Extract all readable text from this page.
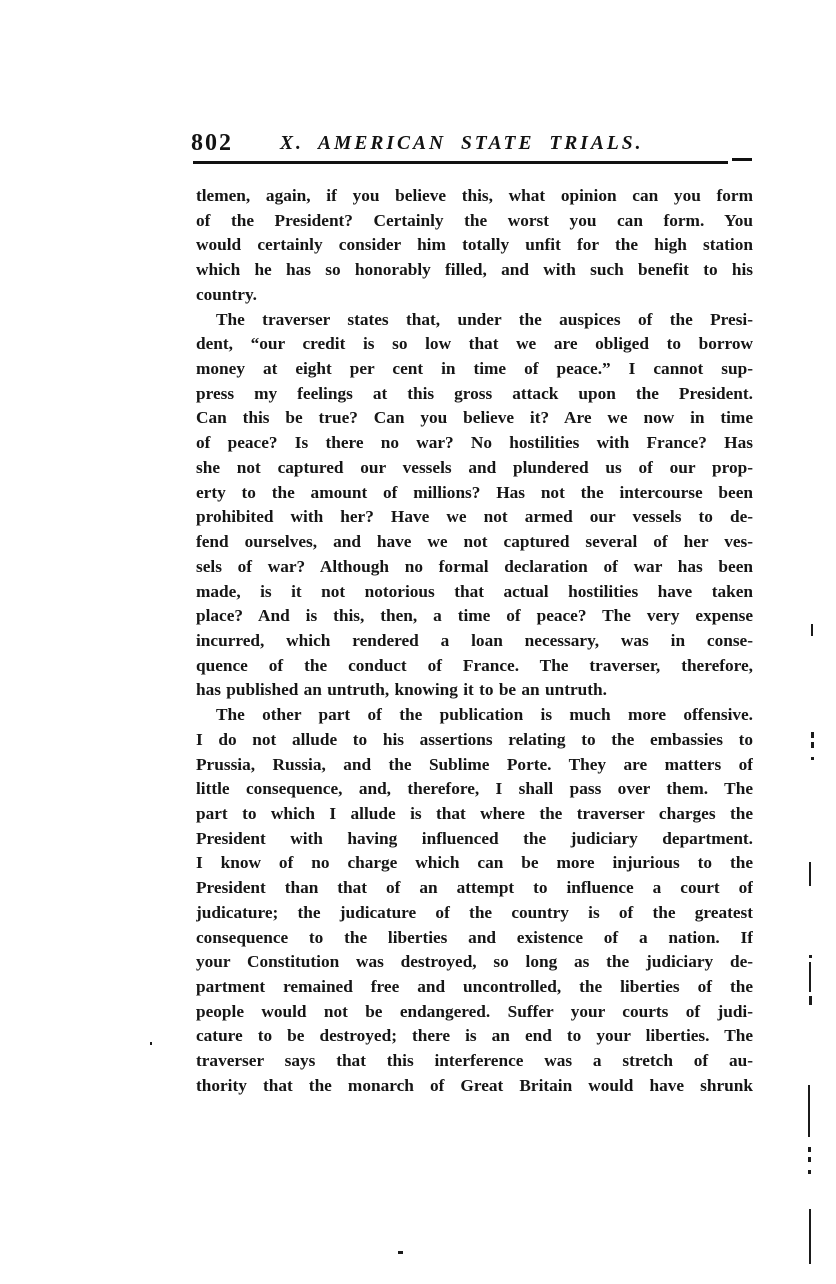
802 X. AMERICAN STATE TRIALS.
tlemen, again, if you believe this, what opinion can you form
of the President? Certainly the worst you can form. You
would certainly consider him totally unfit for the high station
which he has so honorably filled, and with such benefit to his
country.
The traverser states that, under the auspices of the Presi-
dent, “our credit is so low that we are obliged to borrow
money at eight per cent in time of peace.” I cannot sup-
press my feelings at this gross attack upon the President.
Can this be true? Can you believe it? Are we now in time
of peace? Is there no war? No hostilities with France? Has
she not captured our vessels and plundered us of our prop-
erty to the amount of millions? Has not the intercourse been
prohibited with her? Have we not armed our vessels to de-
fend ourselves, and have we not captured several of her ves-
sels of war? Although no formal declaration of war has been
made, is it not notorious that actual hostilities have taken
place? And is this, then, a time of peace? The very expense
incurred, which rendered a loan necessary, was in conse-
quence of the conduct of France. The traverser, therefore,
has published an untruth, knowing it to be an untruth.
The other part of the publication is much more offensive.
I do not allude to his assertions relating to the embassies to
Prussia, Russia, and the Sublime Porte. They are matters of
little consequence, and, therefore, I shall pass over them. The
part to which I allude is that where the traverser charges the
President with having influenced the judiciary department.
I know of no charge which can be more injurious to the
President than that of an attempt to influence a court of
judicature; the judicature of the country is of the greatest
consequence to the liberties and existence of a nation. If
your Constitution was destroyed, so long as the judiciary de-
partment remained free and uncontrolled, the liberties of the
people would not be endangered. Suffer your courts of judi-
cature to be destroyed; there is an end to your liberties. The
traverser says that this interference was a stretch of au-
thority that the monarch of Great Britain would have shrunk
